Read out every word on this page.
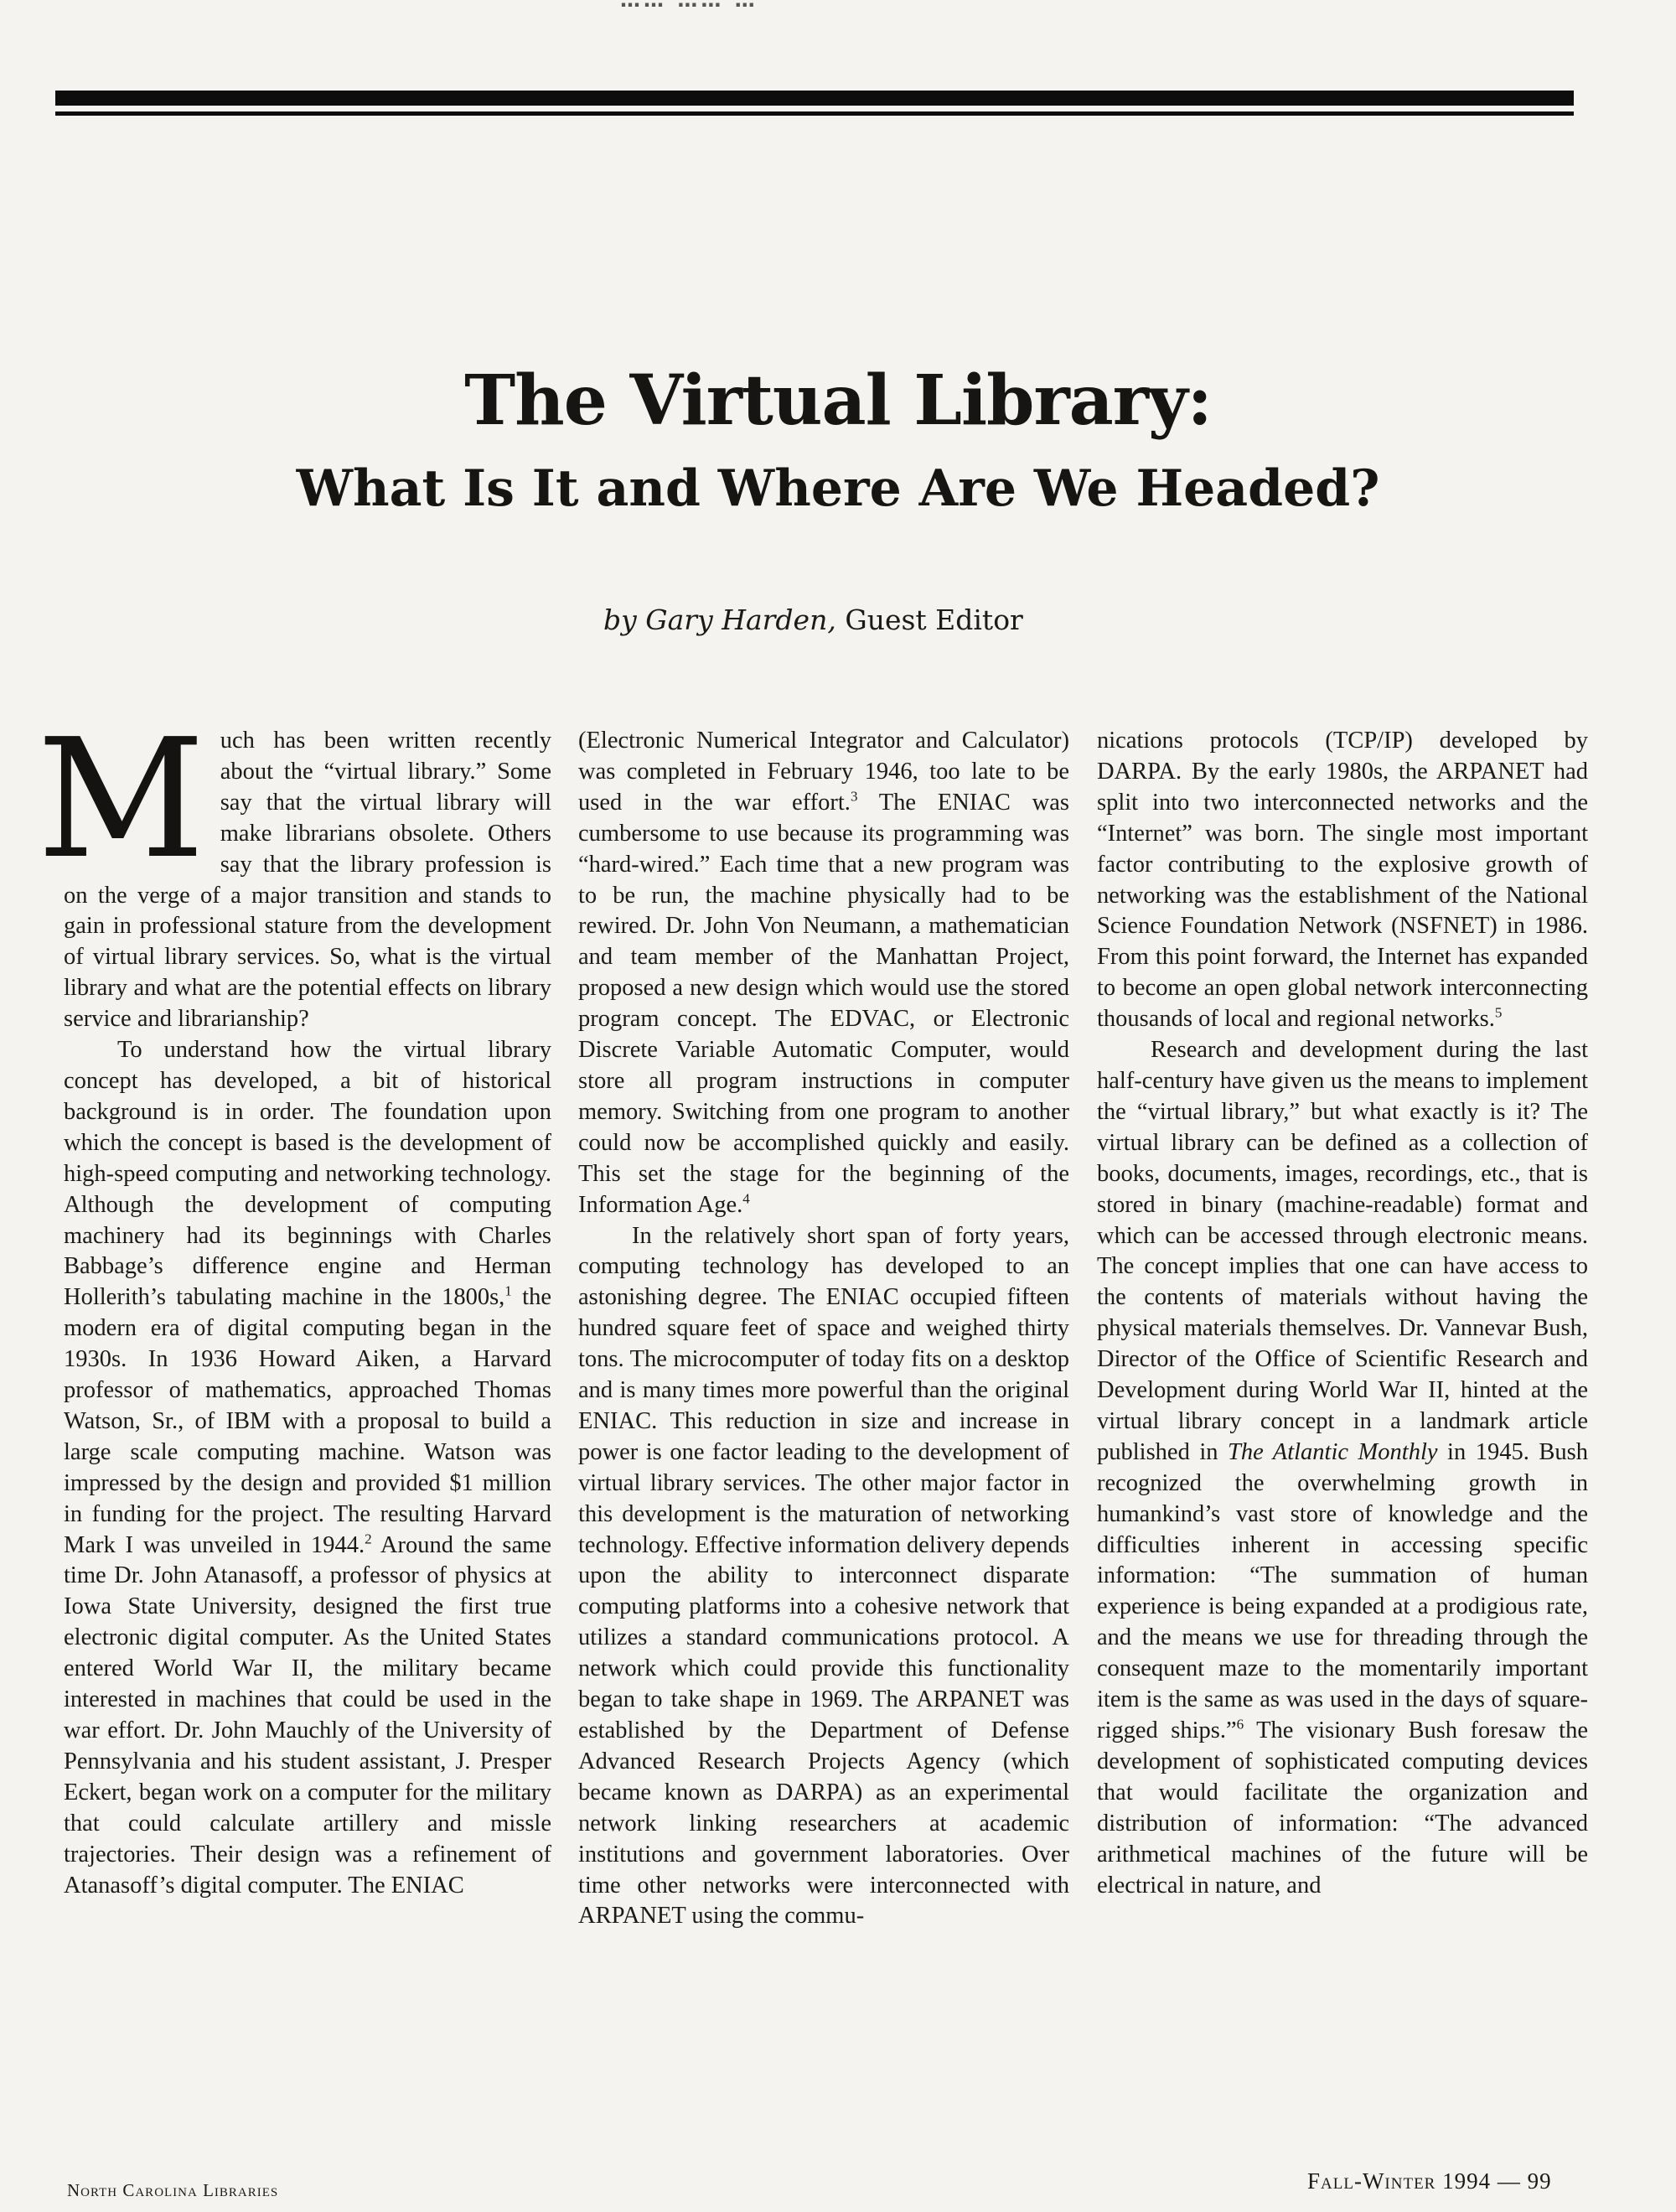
…… …… …
The Virtual Library:
What Is It and Where Are We Headed?
by Gary Harden, Guest Editor

Much has been written recently about the “virtual library.” Some say that the virtual library will make librarians obsolete. Others say that the library profession is on the verge of a major transition and stands to gain in professional stature from the development of virtual library services. So, what is the virtual library and what are the potential effects on library service and librarianship?

To understand how the virtual library concept has developed, a bit of historical background is in order. The foundation upon which the concept is based is the development of high-speed computing and networking technology. Although the development of computing machinery had its beginnings with Charles Babbage’s difference engine and Herman Hollerith’s tabulating machine in the 1800s,$^1$ the modern era of digital computing began in the 1930s. In 1936 Howard Aiken, a Harvard professor of mathematics, approached Thomas Watson, Sr., of IBM with a proposal to build a large scale computing machine. Watson was impressed by the design and provided $1 million in funding for the project. The resulting Harvard Mark I was unveiled in 1944.$^2$ Around the same time Dr. John Atanasoff, a professor of physics at Iowa State University, designed the first true electronic digital computer. As the United States entered World War II, the military became interested in machines that could be used in the war effort. Dr. John Mauchly of the University of Pennsylvania and his student assistant, J. Presper Eckert, began work on a computer for the military that could calculate artillery and missle trajectories. Their design was a refinement of Atanasoff’s digital computer. The ENIAC

(Electronic Numerical Integrator and Calculator) was completed in February 1946, too late to be used in the war effort.$^3$ The ENIAC was cumbersome to use because its programming was “hard-wired.” Each time that a new program was to be run, the machine physically had to be rewired. Dr. John Von Neumann, a mathematician and team member of the Manhattan Project, proposed a new design which would use the stored program concept. The EDVAC, or Electronic Discrete Variable Automatic Computer, would store all program instructions in computer memory. Switching from one program to another could now be accomplished quickly and easily. This set the stage for the beginning of the Information Age.$^4$

In the relatively short span of forty years, computing technology has developed to an astonishing degree. The ENIAC occupied fifteen hundred square feet of space and weighed thirty tons. The microcomputer of today fits on a desktop and is many times more powerful than the original ENIAC. This reduction in size and increase in power is one factor leading to the development of virtual library services. The other major factor in this development is the maturation of networking technology. Effective information delivery depends upon the ability to interconnect disparate computing platforms into a cohesive network that utilizes a standard communications protocol. A network which could provide this functionality began to take shape in 1969. The ARPANET was established by the Department of Defense Advanced Research Projects Agency (which became known as DARPA) as an experimental network linking researchers at academic institutions and government laboratories. Over time other networks were interconnected with ARPANET using the commu-

nications protocols (TCP/IP) developed by DARPA. By the early 1980s, the ARPANET had split into two interconnected networks and the “Internet” was born. The single most important factor contributing to the explosive growth of networking was the establishment of the National Science Foundation Network (NSFNET) in 1986. From this point forward, the Internet has expanded to become an open global network interconnecting thousands of local and regional networks.$^5$

Research and development during the last half-century have given us the means to implement the “virtual library,” but what exactly is it? The virtual library can be defined as a collection of books, documents, images, recordings, etc., that is stored in binary (machine-readable) format and which can be accessed through electronic means. The concept implies that one can have access to the contents of materials without having the physical materials themselves. Dr. Vannevar Bush, Director of the Office of Scientific Research and Development during World War II, hinted at the virtual library concept in a landmark article published in The Atlantic Monthly in 1945. Bush recognized the overwhelming growth in humankind’s vast store of knowledge and the difficulties inherent in accessing specific information: “The summation of human experience is being expanded at a prodigious rate, and the means we use for threading through the consequent maze to the momentarily important item is the same as was used in the days of square-rigged ships.”$^6$ The visionary Bush foresaw the development of sophisticated computing devices that would facilitate the organization and distribution of information: “The advanced arithmetical machines of the future will be electrical in nature, and

North Carolina Libraries	Fall-Winter 1994 — 99
